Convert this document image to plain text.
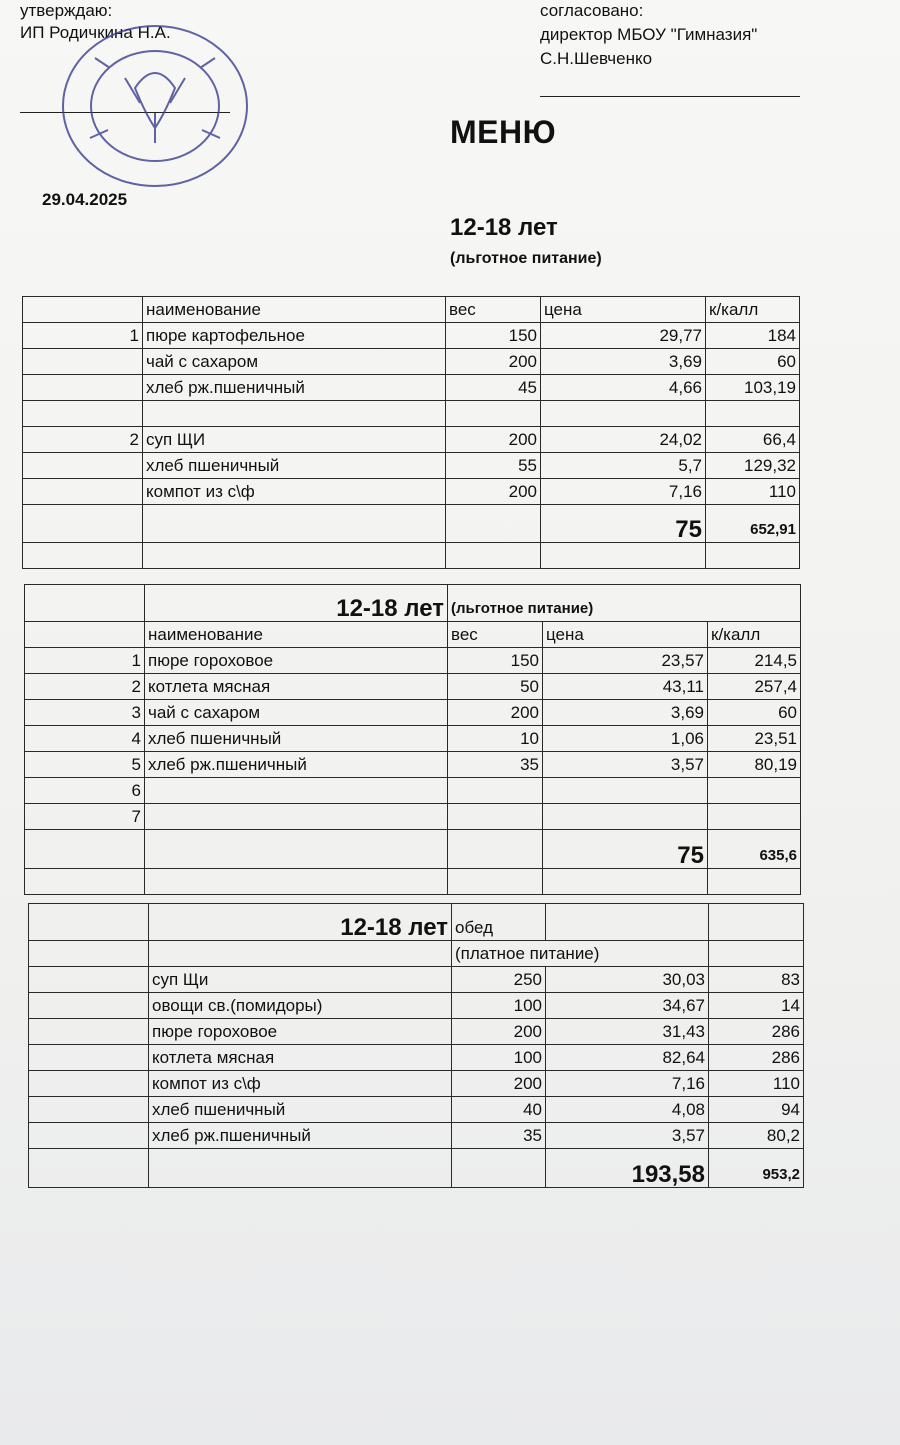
утверждаю:
ИП Родичкина Н.А.
согласовано:
директор МБОУ "Гимназия"
С.Н.Шевченко
МЕНЮ
29.04.2025
12-18 лет
(льготное питание)
	наименование	вес	цена	к/калл
1	пюре картофельное	150	29,77	184
	чай с сахаром	200	3,69	60
	хлеб рж.пшеничный	45	4,66	103,19

2	суп ЩИ	200	24,02	66,4
	хлеб пшеничный	55	5,7	129,32
	компот из с\ф	200	7,16	110
			75	652,91

	12-18 лет	(льготное питание)		
	наименование	вес	цена	к/калл
1	пюре гороховое	150	23,57	214,5
2	котлета мясная	50	43,11	257,4
3	чай с сахаром	200	3,69	60
4	хлеб пшеничный	10	1,06	23,51
5	хлеб рж.пшеничный	35	3,57	80,19
6				
7				
			75	635,6

	12-18 лет	обед		
		(платное питание)		
	суп Щи	250	30,03	83
	овощи св.(помидоры)	100	34,67	14
	пюре гороховое	200	31,43	286
	котлета мясная	100	82,64	286
	компот из с\ф	200	7,16	110
	хлеб пшеничный	40	4,08	94
	хлеб рж.пшеничный	35	3,57	80,2
			193,58	953,2
